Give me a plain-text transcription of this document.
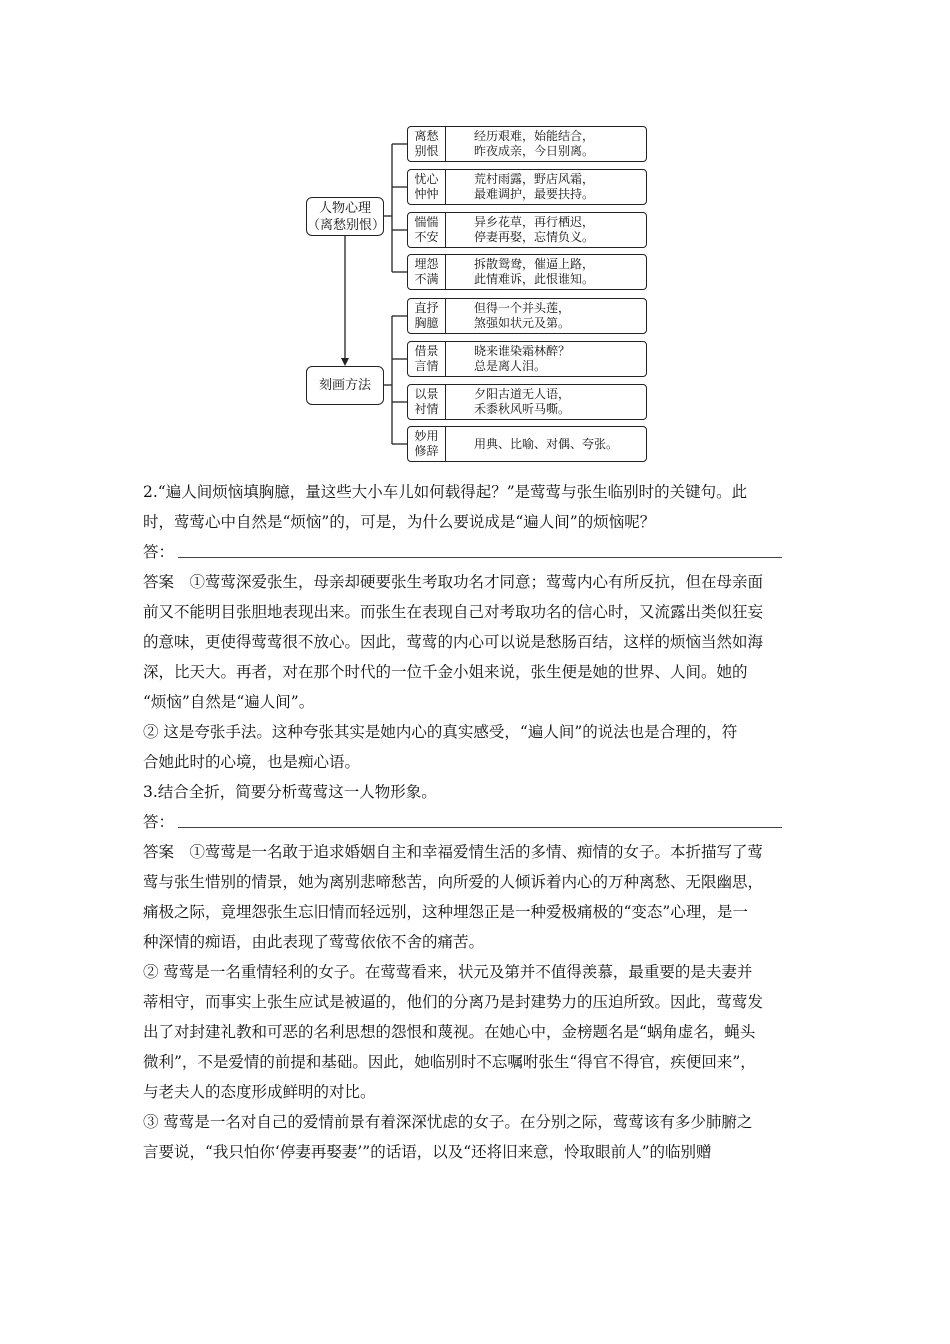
人物心理
（离愁别恨）
刻画方法
离愁
别恨
经历艰难，始能结合，
昨夜成亲，今日别离。
忧心
忡忡
荒村雨露，野店风霜，
最难调护，最要扶持。
惴惴
不安
异乡花草，再行栖迟，
停妻再娶，忘情负义。
埋怨
不满
拆散鸳鸯，催逼上路，
此情难诉，此恨谁知。
直抒
胸臆
但得一个并头莲，
煞强如状元及第。
借景
言情
晓来谁染霜林醉？
总是离人泪。
以景
衬情
夕阳古道无人语，
禾黍秋风听马嘶。
妙用
修辞
用典、比喻、对偶、夸张。
2.“遍人间烦恼填胸臆，量这些大小车儿如何载得起？”是莺莺与张生临别时的关键句。此
时，莺莺心中自然是“烦恼”的，可是，为什么要说成是“遍人间”的烦恼呢？
答：
答案　①莺莺深爱张生，母亲却硬要张生考取功名才同意；莺莺内心有所反抗，但在母亲面
前又不能明目张胆地表现出来。而张生在表现自己对考取功名的信心时，又流露出类似狂妄
的意味，更使得莺莺很不放心。因此，莺莺的内心可以说是愁肠百结，这样的烦恼当然如海
深，比天大。再者，对在那个时代的一位千金小姐来说，张生便是她的世界、人间。她的
“烦恼”自然是“遍人间”。
② 这是夸张手法。这种夸张其实是她内心的真实感受，“遍人间”的说法也是合理的，符
合她此时的心境，也是痴心语。
3.结合全折，简要分析莺莺这一人物形象。
答：
答案　①莺莺是一名敢于追求婚姻自主和幸福爱情生活的多情、痴情的女子。本折描写了莺
莺与张生惜别的情景，她为离别悲啼愁苦，向所爱的人倾诉着内心的万种离愁、无限幽思，
痛极之际，竟埋怨张生忘旧情而轻远别，这种埋怨正是一种爱极痛极的“变态”心理，是一
种深情的痴语，由此表现了莺莺依依不舍的痛苦。
② 莺莺是一名重情轻利的女子。在莺莺看来，状元及第并不值得羡慕，最重要的是夫妻并
蒂相守，而事实上张生应试是被逼的，他们的分离乃是封建势力的压迫所致。因此，莺莺发
出了对封建礼教和可恶的名利思想的怨恨和蔑视。在她心中，金榜题名是“蜗角虚名，蝇头
微利”，不是爱情的前提和基础。因此，她临别时不忘嘱咐张生“得官不得官，疾便回来”，
与老夫人的态度形成鲜明的对比。
③ 莺莺是一名对自己的爱情前景有着深深忧虑的女子。在分别之际，莺莺该有多少肺腑之
言要说，“我只怕你‘停妻再娶妻’”的话语，以及“还将旧来意，怜取眼前人”的临别赠
